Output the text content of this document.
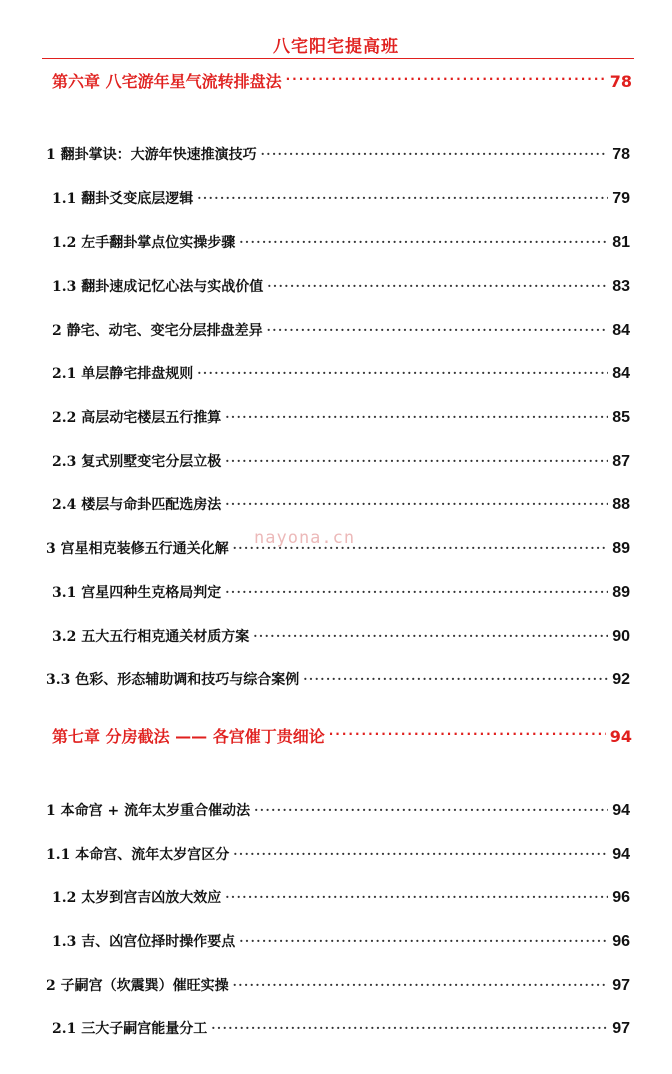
八宅阳宅提高班
第六章 八宅游年星气流转排盘法 ·····	78
1 翻卦掌诀：大游年快速推演技巧 ·····	78
1.1 翻卦爻变底层逻辑 ·····	79
1.2 左手翻卦掌点位实操步骤 ·····	81
1.3 翻卦速成记忆心法与实战价值 ·····	83
2 静宅、动宅、变宅分层排盘差异 ·····	84
2.1 单层静宅排盘规则 ·····	84
2.2 高层动宅楼层五行推算 ·····	85
2.3 复式别墅变宅分层立极 ·····	87
2.4 楼层与命卦匹配选房法 ·····	88
3 宫星相克装修五行通关化解 ·····	89
3.1 宫星四种生克格局判定 ·····	89
3.2 五大五行相克通关材质方案 ·····	90
3.3 色彩、形态辅助调和技巧与综合案例 ·····	92
第七章 分房截法 —— 各宫催丁贵细论 ·····	94
1 本命宫 + 流年太岁重合催动法 ·····	94
1.1 本命宫、流年太岁宫区分 ·····	94
1.2 太岁到宫吉凶放大效应 ·····	96
1.3 吉、凶宫位择时操作要点 ·····	96
2 子嗣宫（坎震巽）催旺实操 ·····	97
2.1 三大子嗣宫能量分工 ·····	97
nayona.cn
